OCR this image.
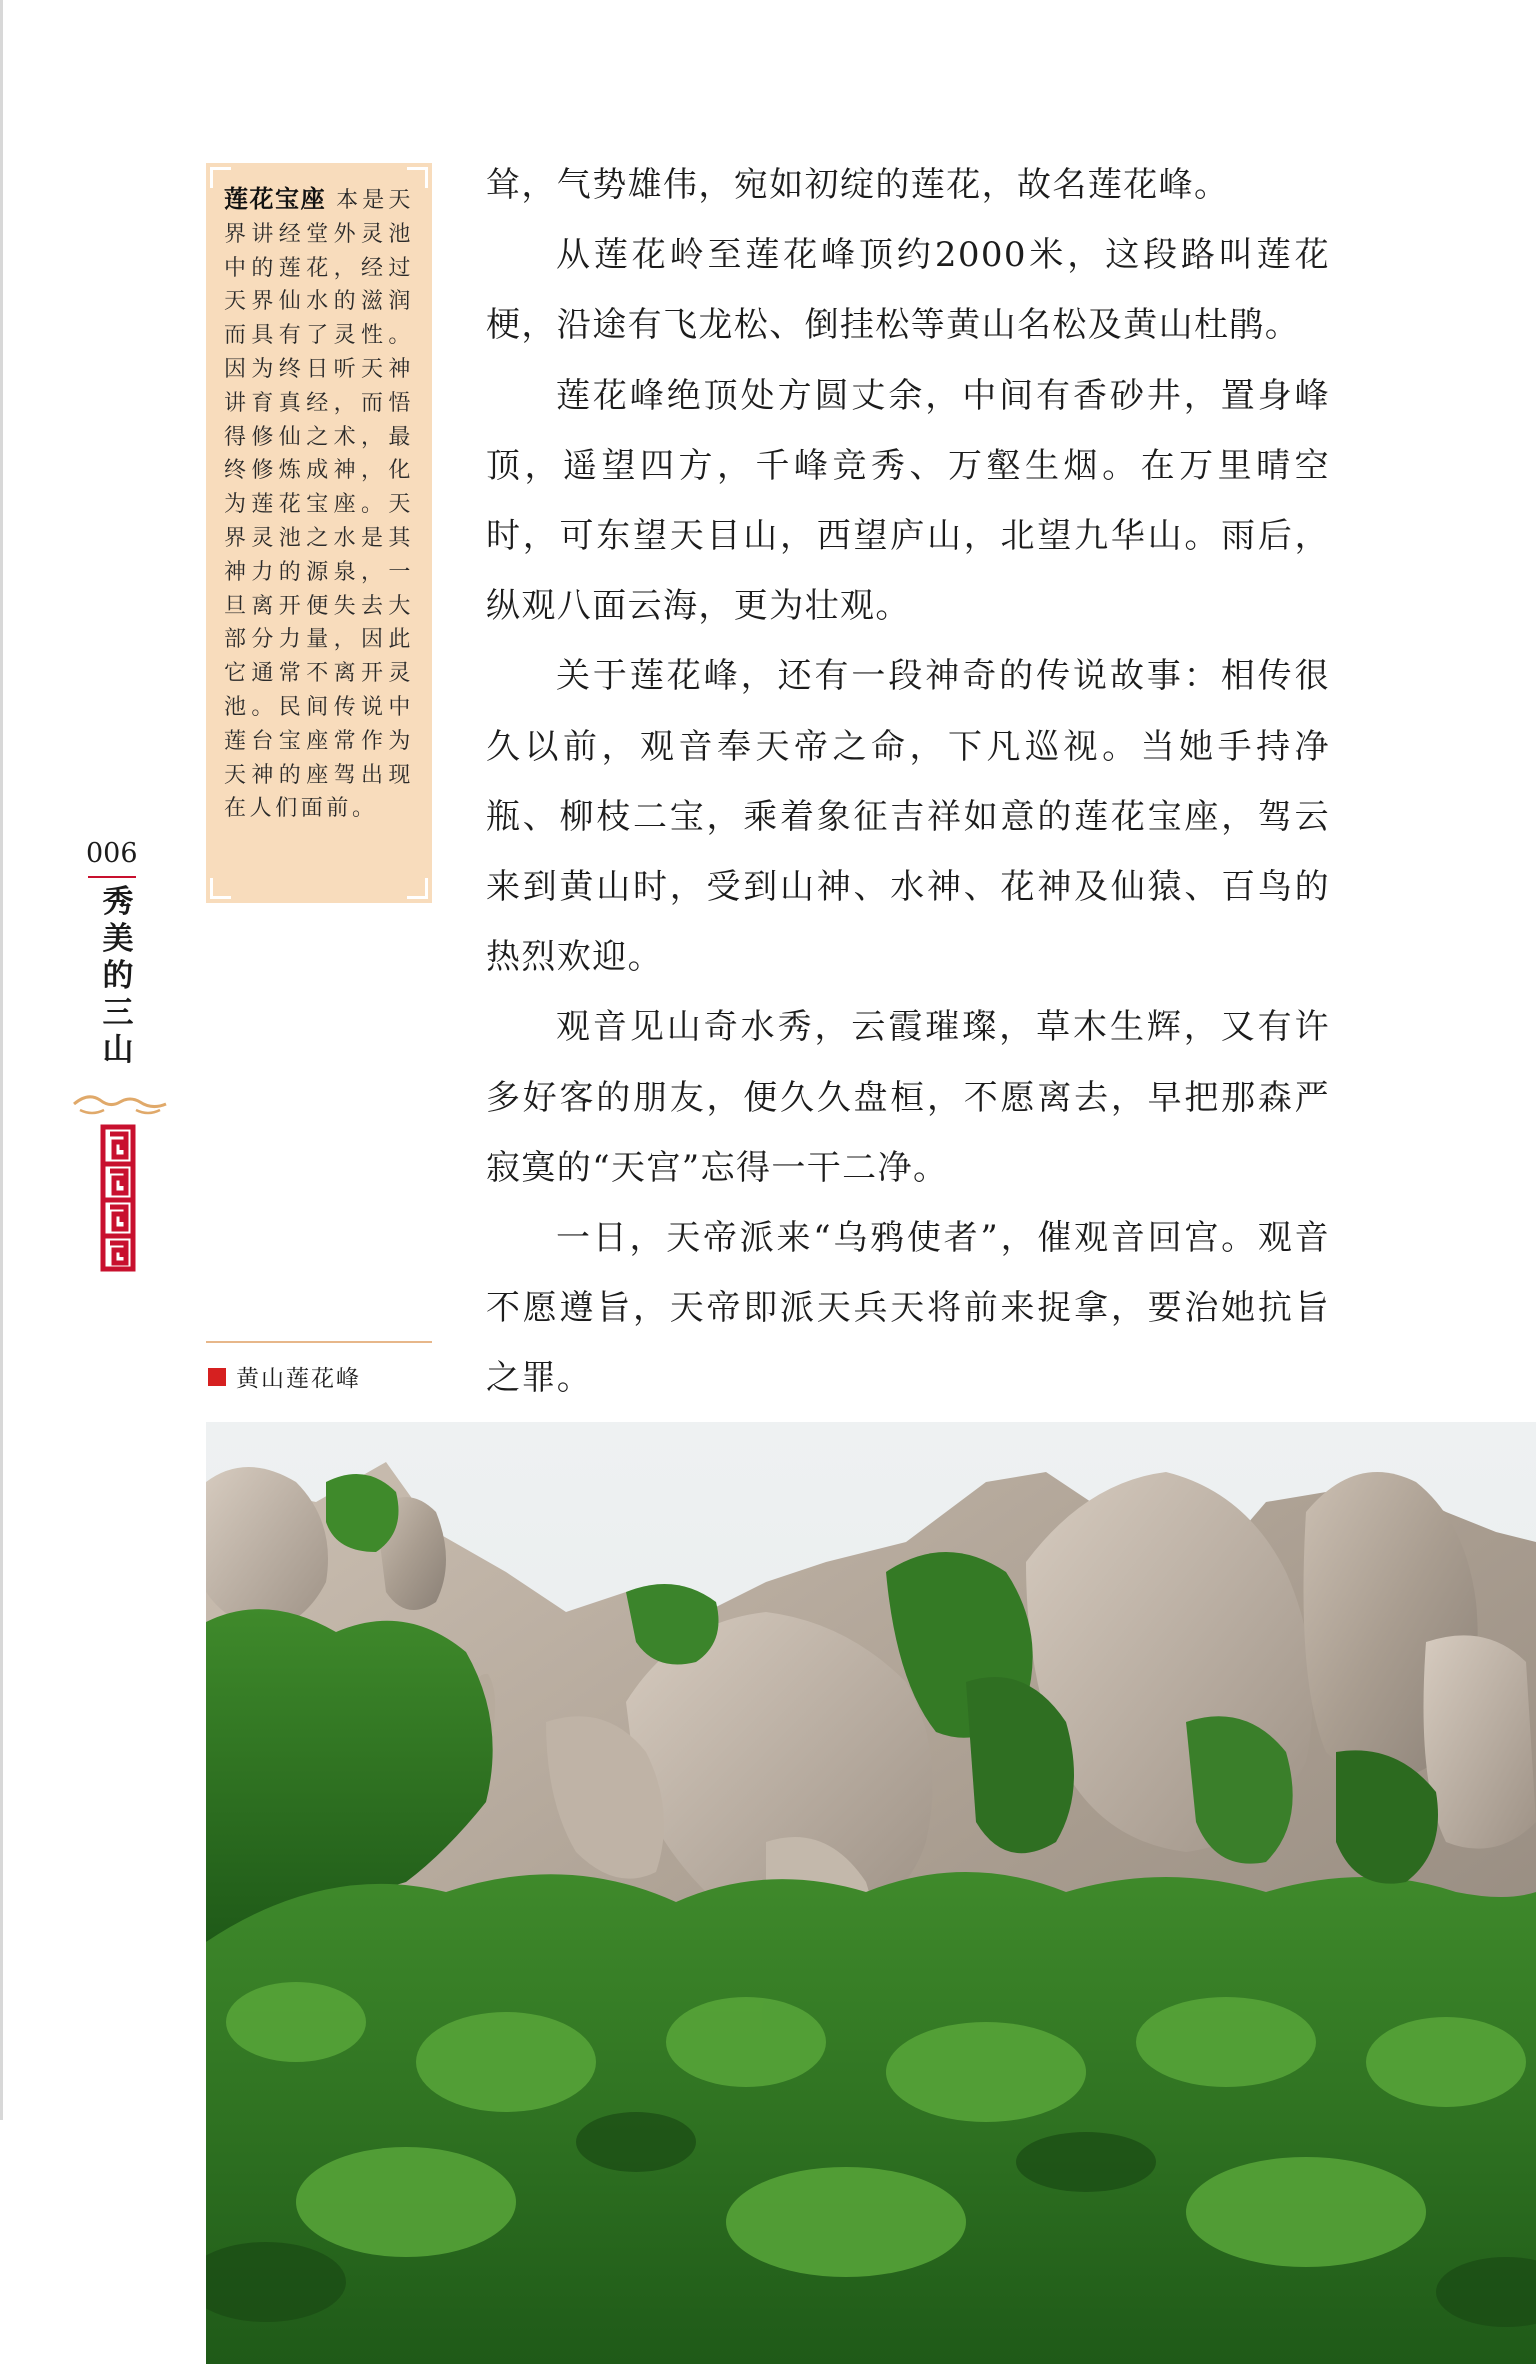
莲花宝座 本是天界讲经堂外灵池中的莲花，经过天界仙水的滋润而具有了灵性。因为终日听天神讲育真经，而悟得修仙之术，最终修炼成神，化为莲花宝座。天界灵池之水是其神力的源泉，一旦离开便失去大部分力量，因此它通常不离开灵池。民间传说中莲台宝座常作为天神的座驾出现在人们面前。
006
秀美的三山

耸，气势雄伟，宛如初绽的莲花，故名莲花峰。

从莲花岭至莲花峰顶约2000米，这段路叫莲花梗，沿途有飞龙松、倒挂松等黄山名松及黄山杜鹃。

莲花峰绝顶处方圆丈余，中间有香砂井，置身峰顶，遥望四方，千峰竞秀、万壑生烟。在万里晴空时，可东望天目山，西望庐山，北望九华山。雨后，纵观八面云海，更为壮观。

关于莲花峰，还有一段神奇的传说故事：相传很久以前，观音奉天帝之命，下凡巡视。当她手持净瓶、柳枝二宝，乘着象征吉祥如意的莲花宝座，驾云来到黄山时，受到山神、水神、花神及仙猿、百鸟的热烈欢迎。

观音见山奇水秀，云霞璀璨，草木生辉，又有许多好客的朋友，便久久盘桓，不愿离去，早把那森严寂寞的“天宫”忘得一干二净。

一日，天帝派来“乌鸦使者”，催观音回宫。观音不愿遵旨，天帝即派天兵天将前来捉拿，要治她抗旨之罪。

黄山莲花峰
